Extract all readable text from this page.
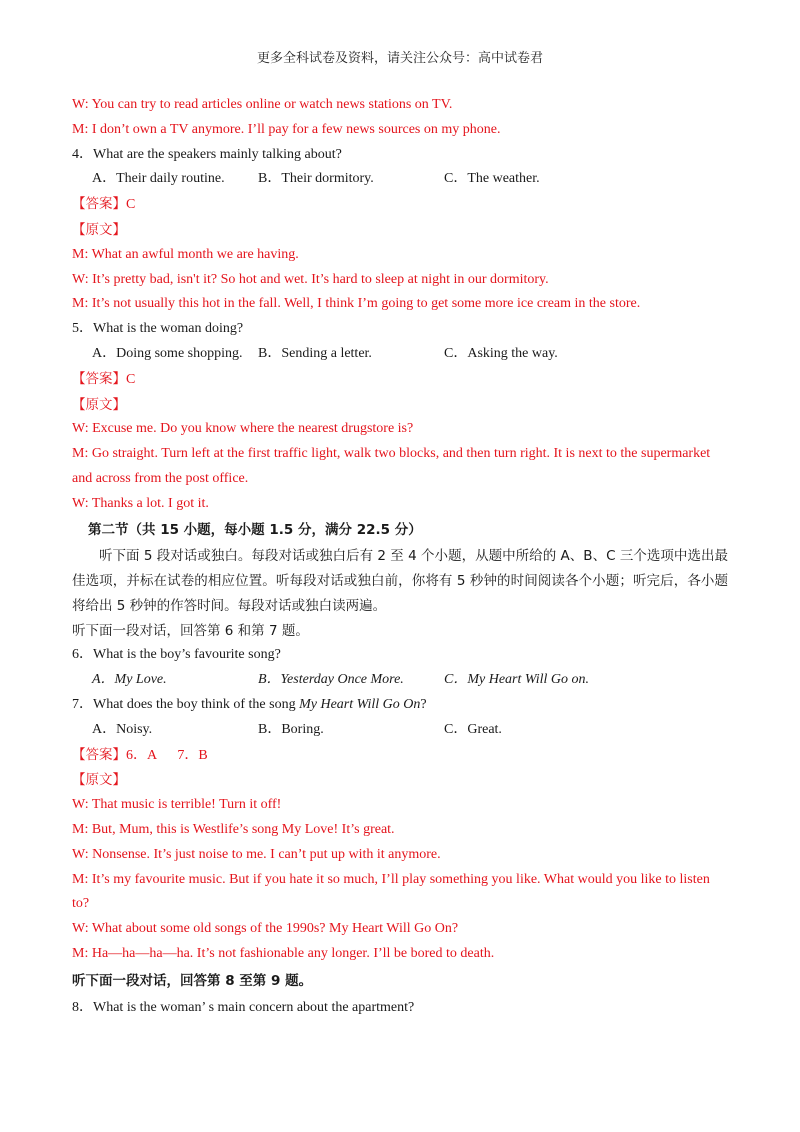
更多全科试卷及资料，请关注公众号：高中试卷君
W: You can try to read articles online or watch news stations on TV.
M: I don’t own a TV anymore. I’ll pay for a few news sources on my phone.
4．What are the speakers mainly talking about?
A．Their daily routine.	B．Their dormitory.	C．The weather.
【答案】C
【原文】
M: What an awful month we are having.
W: It’s pretty bad, isn't it? So hot and wet. It’s hard to sleep at night in our dormitory.
M: It’s not usually this hot in the fall. Well, I think I’m going to get some more ice cream in the store.
5．What is the woman doing?
A．Doing some shopping.	B．Sending a letter.	C．Asking the way.
【答案】C
【原文】
W: Excuse me. Do you know where the nearest drugstore is?
M: Go straight. Turn left at the first traffic light, walk two blocks, and then turn right. It is next to the supermarket and across from the post office.
W: Thanks a lot. I got it.
第二节（共 15 小题，每小题 1.5 分，满分 22.5 分）
听下面 5 段对话或独白。每段对话或独白后有 2 至 4 个小题，从题中所给的 A、B、C 三个选项中选出最佳选项，并标在试卷的相应位置。听每段对话或独白前，你将有 5 秒钟的时间阅读各个小题；听完后，各小题将给出 5 秒钟的作答时间。每段对话或独白读两遍。
听下面一段对话，回答第 6 和第 7 题。
6．What is the boy’s favourite song?
A．My Love.	B．Yesterday Once More.	C．My Heart Will Go on.
7．What does the boy think of the song My Heart Will Go On?
A．Noisy.	B．Boring.	C．Great.
【答案】6．A      7．B
【原文】
W: That music is terrible! Turn it off!
M: But, Mum, this is Westlife’s song My Love! It’s great.
W: Nonsense. It’s just noise to me. I can’t put up with it anymore.
M: It’s my favourite music. But if you hate it so much, I’ll play something you like. What would you like to listen to?
W: What about some old songs of the 1990s? My Heart Will Go On?
M: Ha—ha—ha—ha. It’s not fashionable any longer. I’ll be bored to death.
听下面一段对话，回答第 8 至第 9 题。
8．What is the woman’ s main concern about the apartment?
